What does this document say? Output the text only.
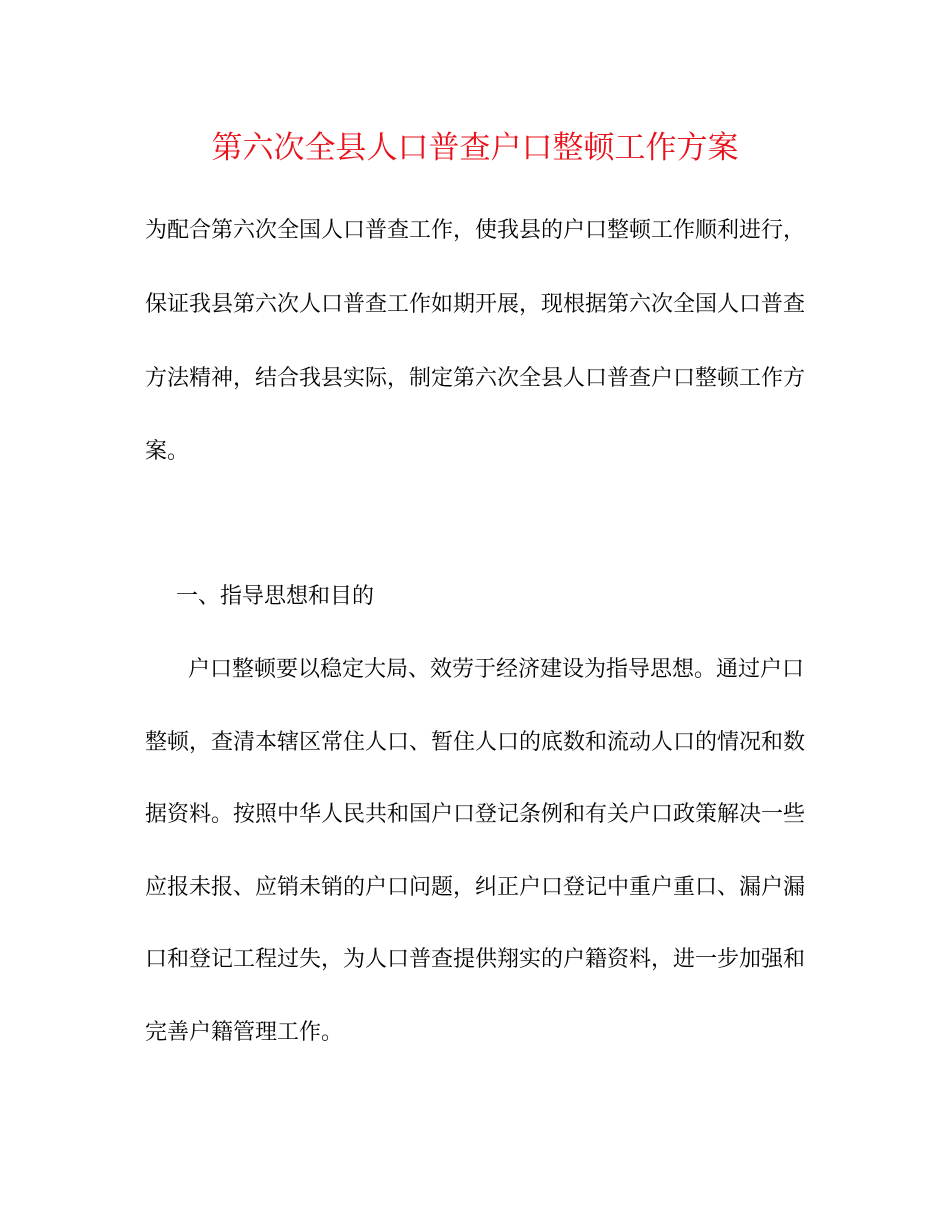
第六次全县人口普查户口整顿工作方案
为配合第六次全国人口普查工作，使我县的户口整顿工作顺利进行，
保证我县第六次人口普查工作如期开展，现根据第六次全国人口普查
方法精神，结合我县实际，制定第六次全县人口普查户口整顿工作方
案。
一、指导思想和目的
户口整顿要以稳定大局、效劳于经济建设为指导思想。通过户口
整顿，查清本辖区常住人口、暂住人口的底数和流动人口的情况和数
据资料。按照中华人民共和国户口登记条例和有关户口政策解决一些
应报未报、应销未销的户口问题，纠正户口登记中重户重口、漏户漏
口和登记工程过失，为人口普查提供翔实的户籍资料，进一步加强和
完善户籍管理工作。
